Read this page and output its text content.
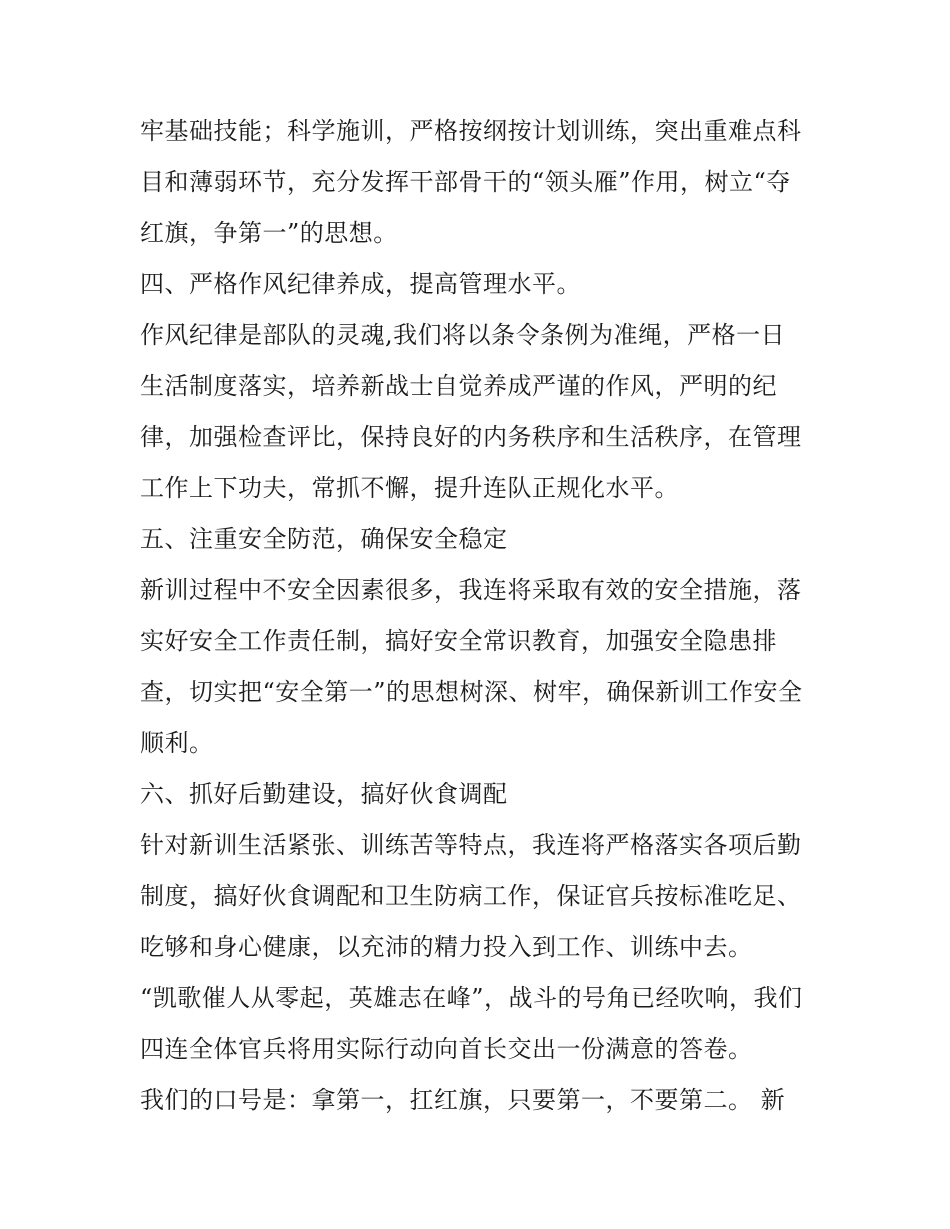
牢基础技能；科学施训，严格按纲按计划训练，突出重难点科
目和薄弱环节，充分发挥干部骨干的“领头雁”作用，树立“夺
红旗，争第一”的思想。
四、严格作风纪律养成，提高管理水平。
作风纪律是部队的灵魂,我们将以条令条例为准绳，严格一日
生活制度落实，培养新战士自觉养成严谨的作风，严明的纪
律，加强检查评比，保持良好的内务秩序和生活秩序，在管理
工作上下功夫，常抓不懈，提升连队正规化水平。
五、注重安全防范，确保安全稳定
新训过程中不安全因素很多，我连将采取有效的安全措施，落
实好安全工作责任制，搞好安全常识教育，加强安全隐患排
查，切实把“安全第一”的思想树深、树牢，确保新训工作安全
顺利。
六、抓好后勤建设，搞好伙食调配
针对新训生活紧张、训练苦等特点，我连将严格落实各项后勤
制度，搞好伙食调配和卫生防病工作，保证官兵按标准吃足、
吃够和身心健康，以充沛的精力投入到工作、训练中去。
“凯歌催人从零起，英雄志在峰”，战斗的号角已经吹响，我们
四连全体官兵将用实际行动向首长交出一份满意的答卷。
我们的口号是：拿第一，扛红旗，只要第一，不要第二。 新
